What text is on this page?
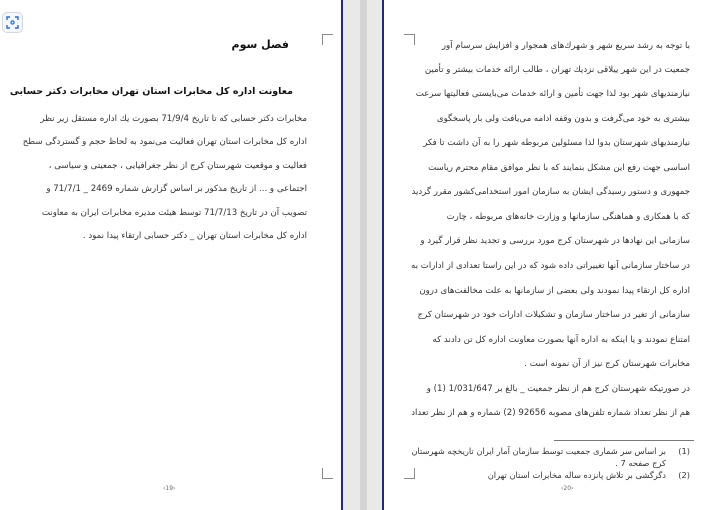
فصل سوم
معاونت اداره کل مخابرات استان تهران مخابرات دکتر حسابی
مخابرات دکتر حسابی که تا تاریخ 71/9/4 بصورت یك اداره مستقل زیر نظر
اداره کل مخابرات استان تهران فعالیت می‌نمود به لحاظ حجم و گستردگی سطح
فعالیت و موقعیت شهرستان کرج از نظر جغرافیایی ، جمعیتی و سیاسی ،
اجتماعی و ... از تاریخ مذکور بر اساس گزارش شماره 2469 _ 71/7/1 و
تصویب آن در تاریخ 71/7/13 توسط هیئت مدیره مخابرات ایران به معاونت
اداره کل مخابرات استان تهران _ دکتر حسابی ارتقاء پیدا نمود .
‹19›
با توجه به رشد سریع شهر و شهرك‌های همجوار و افزایش سرسام آور
جمعیت در این شهر ییلاقی نزدیك تهران ، طالب ارائه خدمات بیشتر و تأمین
نیازمندیهای شهر بود لذا جهت تأمین و ارائه خدمات می‌بایستی فعالیتها سرعت
بیشتری به خود می‌گرفت و بدون وقفه ادامه می‌یافت ولی بار پاسخگوی
نیازمندیهای شهرستان بدوا لذا مسئولین مربوطه شهر را به آن داشت تا فکر
اساسی جهت رفع این مشکل بنمایند که با نظر موافق مقام محترم ریاست
جمهوری و دستور رسیدگی ایشان به سازمان امور استخدامی‌کشور مقرر گردید
که با همکاری و هماهنگی سازمانها و وزارت خانه‌های مربوطه ، چارت
سازمانی این نهادها در شهرستان کرج مورد بررسی و تجدید نظر قرار گیرد و
در ساختار سازمانی آنها تغییراتی داده شود که در این راستا تعدادی از ادارات به
اداره کل ارتقاء پیدا نمودند ولی بعضی از سازمانها به علت مخالفت‌های درون
سازمانی از تغیر در ساختار سازمان و تشکیلات ادارات خود در شهرستان کرج
امتناع نمودند و یا اینکه به اداره آنها بصورت معاونت اداره کل تن دادند که
مخابرات شهرستان کرج نیز از آن نمونه است .
در صورتیکه شهرستان کرج هم از نظر جمعیت _ بالغ بر 1/031/647 (1) و
هم از نظر تعداد شماره تلفن‌های مصوبه 92656 (2) شماره و هم از نظر تعداد
(1)
بر اساس سر شماری جمعیت توسط سازمان آمار ایران تاریخچه شهرستان
کرج صفحه 7 .
(2)
دگرگشی بر تلاش پانزده ساله مخابرات استان تهران
‹20›
